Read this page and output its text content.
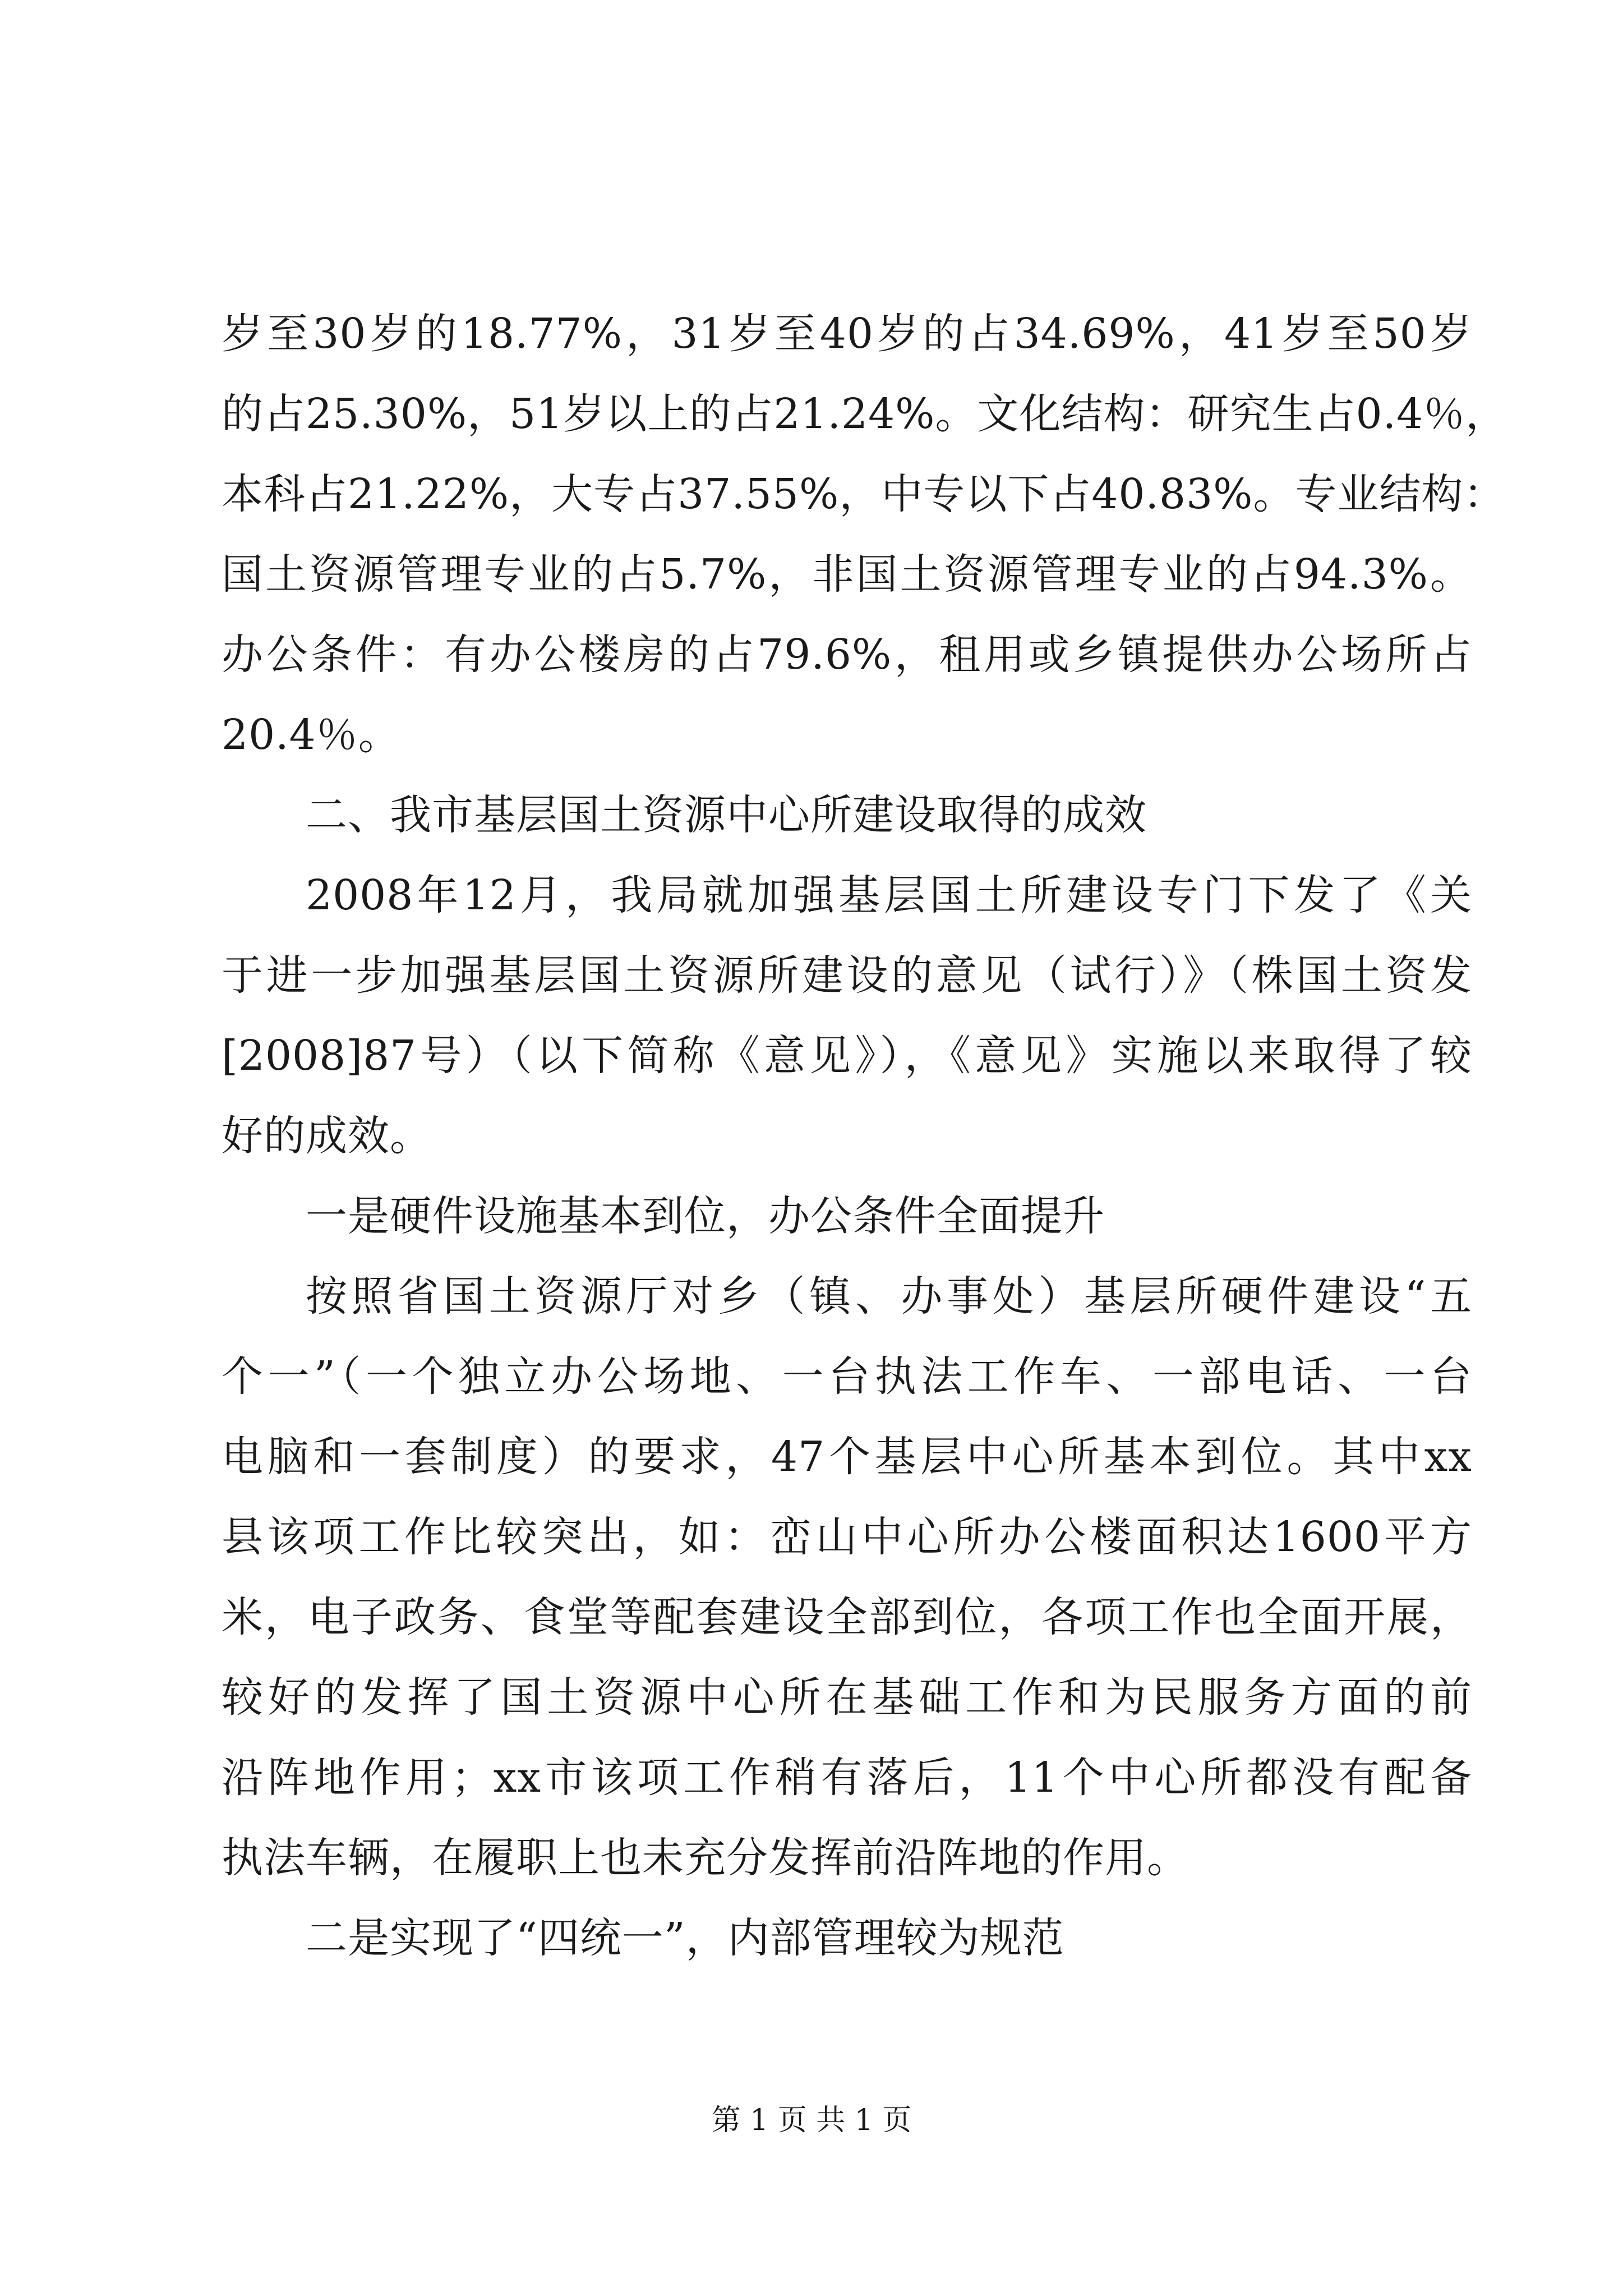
岁至30岁的18.77%，31岁至40岁的占34.69%，41岁至50岁
的占25.30%，51岁以上的占21.24%。文化结构：研究生占0.4％，
本科占21.22%，大专占37.55%，中专以下占40.83%。专业结构：
国土资源管理专业的占5.7%，非国土资源管理专业的占94.3%。
办公条件：有办公楼房的占79.6%，租用或乡镇提供办公场所占
20.4％。
二、我市基层国土资源中心所建设取得的成效
2008年12月，我局就加强基层国土所建设专门下发了《关
于进一步加强基层国土资源所建设的意见（试行）》（株国土资发
[2008]87号）（以下简称《意见》），《意见》实施以来取得了较
好的成效。
一是硬件设施基本到位，办公条件全面提升
按照省国土资源厅对乡（镇、办事处）基层所硬件建设“五
个一”（一个独立办公场地、一台执法工作车、一部电话、一台
电脑和一套制度）的要求，47个基层中心所基本到位。其中xx
县该项工作比较突出，如：峦山中心所办公楼面积达1600平方
米，电子政务、食堂等配套建设全部到位，各项工作也全面开展，
较好的发挥了国土资源中心所在基础工作和为民服务方面的前
沿阵地作用；xx市该项工作稍有落后，11个中心所都没有配备
执法车辆，在履职上也未充分发挥前沿阵地的作用。
二是实现了“四统一”，内部管理较为规范
第 1 页 共 1 页
